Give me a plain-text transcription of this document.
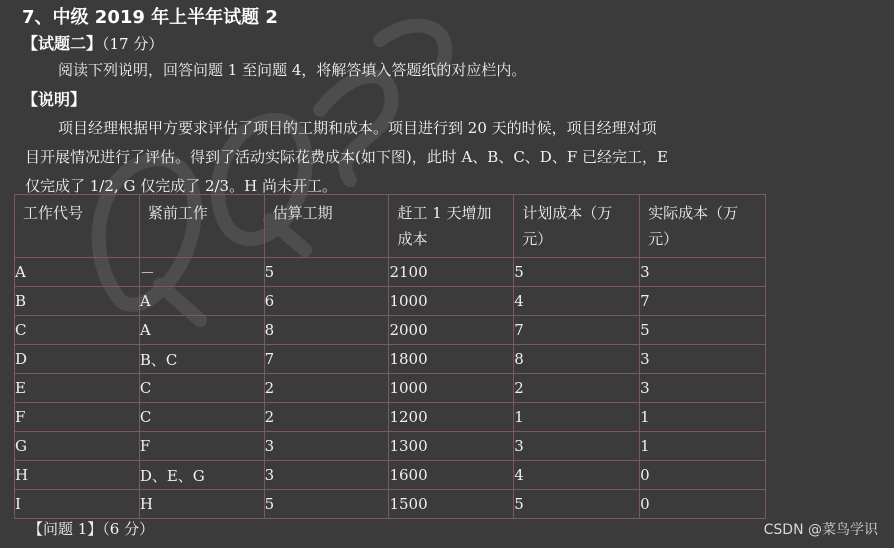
7、中级 2019 年上半年试题 2
【试题二】（17 分）
阅读下列说明，回答问题 1 至问题 4，将解答填入答题纸的对应栏内。
【说明】
项目经理根据甲方要求评估了项目的工期和成本。项目进行到 20 天的时候，项目经理对项
目开展情况进行了评估。得到了活动实际花费成本(如下图)，此时 A、B、C、D、F 已经完工，E
仅完成了 1/2, G 仅完成了 2/3。H 尚未开工。
工作代号	紧前工作	估算工期	赶工 1 天增加成本	计划成本（万元）	实际成本（万元）
A	－	5	2100	5	3
B	A	6	1000	4	7
C	A	8	2000	7	5
D	B、C	7	1800	8	3
E	C	2	1000	2	3
F	C	2	1200	1	1
G	F	3	1300	3	1
H	D、E、G	3	1600	4	0
I	H	5	1500	5	0
【问题 1】（6 分）	CSDN @菜鸟学识
